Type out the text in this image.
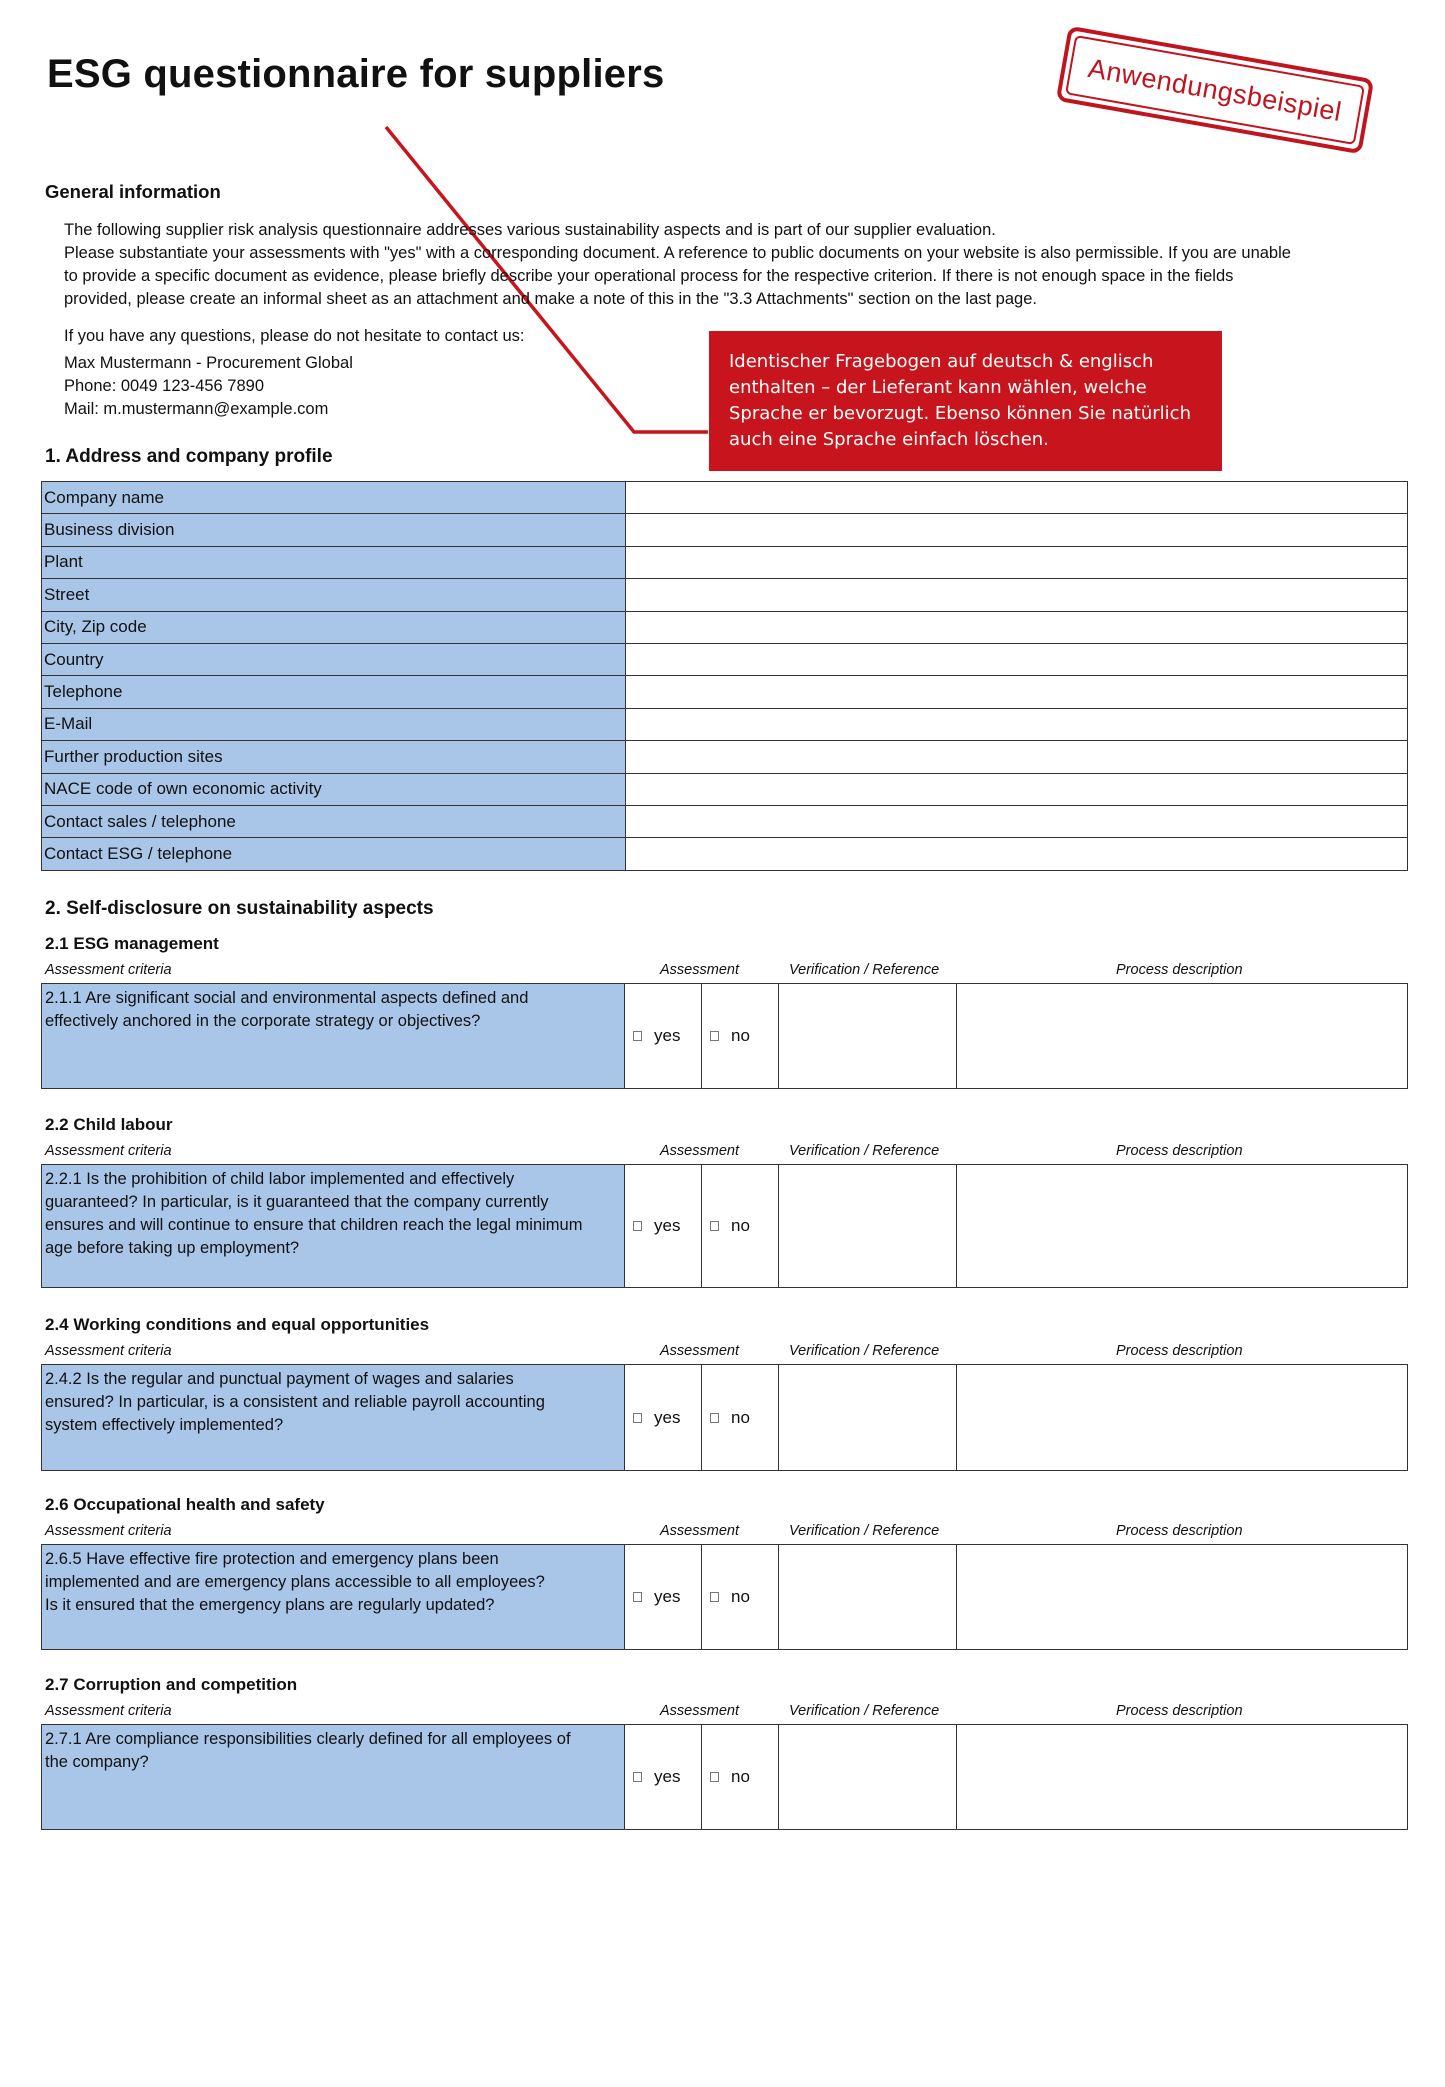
ESG questionnaire for suppliers	Anwendungsbeispiel
General information
The following supplier risk analysis questionnaire addresses various sustainability aspects and is part of our supplier evaluation.
Please substantiate your assessments with "yes" with a corresponding document. A reference to public documents on your website is also permissible. If you are unable
to provide a specific document as evidence, please briefly describe your operational process for the respective criterion. If there is not enough space in the fields
provided, please create an informal sheet as an attachment and make a note of this in the "3.3 Attachments" section on the last page.
If you have any questions, please do not hesitate to contact us:
Max Mustermann - Procurement Global
Phone: 0049 123-456 7890
Mail: m.mustermann@example.com
Identischer Fragebogen auf deutsch & englisch
enthalten – der Lieferant kann wählen, welche
Sprache er bevorzugt. Ebenso können Sie natürlich
auch eine Sprache einfach löschen.
1. Address and company profile
Company name	
Business division	
Plant	
Street	
City, Zip code	
Country	
Telephone	
E-Mail	
Further production sites	
NACE code of own economic activity	
Contact sales / telephone	
Contact ESG / telephone	
2. Self-disclosure on sustainability aspects
2.1 ESG management
Assessment criteria	Assessment	Verification / Reference	Process description
2.1.1 Are significant social and environmental aspects defined and
effectively anchored in the corporate strategy or objectives?
yes	no
2.2 Child labour
Assessment criteria	Assessment	Verification / Reference	Process description
2.2.1 Is the prohibition of child labor implemented and effectively
guaranteed? In particular, is it guaranteed that the company currently
ensures and will continue to ensure that children reach the legal minimum
age before taking up employment?
yes	no
2.4 Working conditions and equal opportunities
Assessment criteria	Assessment	Verification / Reference	Process description
2.4.2 Is the regular and punctual payment of wages and salaries
ensured? In particular, is a consistent and reliable payroll accounting
system effectively implemented?	yes	no
2.6 Occupational health and safety
Assessment criteria	Assessment	Verification / Reference	Process description
2.6.5 Have effective fire protection and emergency plans been
implemented and are emergency plans accessible to all employees?
Is it ensured that the emergency plans are regularly updated?	yes	no
2.7 Corruption and competition
Assessment criteria	Assessment	Verification / Reference	Process description
2.7.1 Are compliance responsibilities clearly defined for all employees of
the company?
yes	no
